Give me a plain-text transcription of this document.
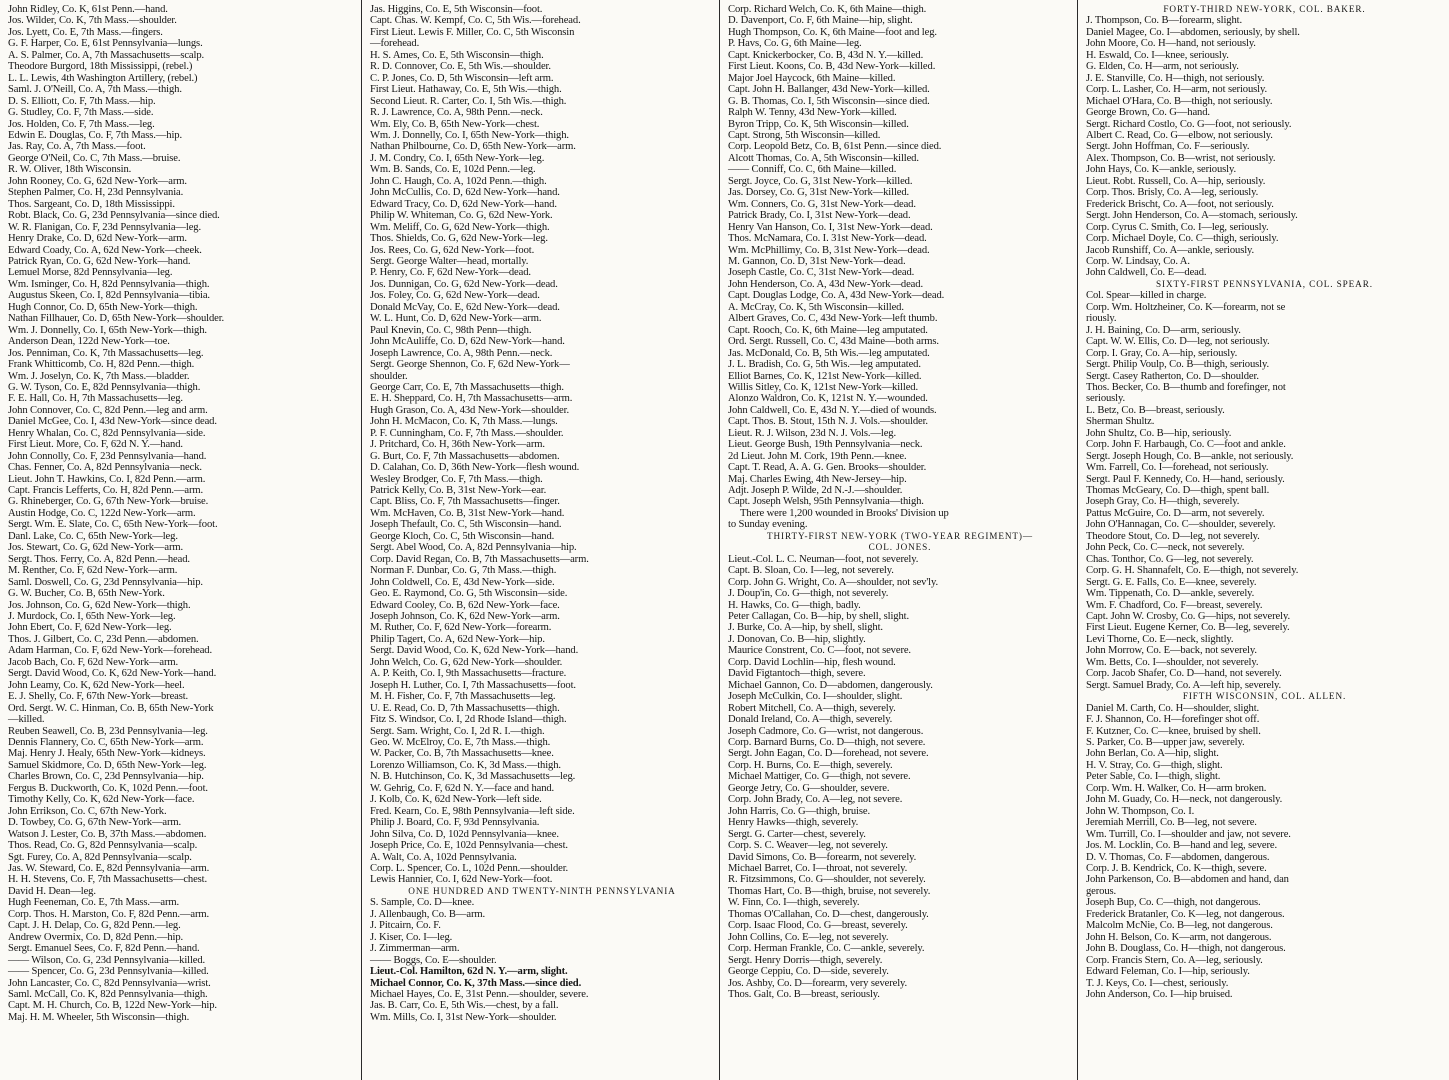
John Ridley, Co. K, 61st Penn.—hand.
Jos. Wilder, Co. K, 7th Mass.—shoulder.
Jos. Lyett, Co. E, 7th Mass.—fingers.
G. F. Harper, Co. E, 61st Pennsylvania—lungs.
A. S. Palmer, Co. A, 7th Massachusetts—scalp.
Theodore Burgord, 18th Mississippi, (rebel.)
L. L. Lewis, 4th Washington Artillery, (rebel.)
Saml. J. O'Neill, Co. A, 7th Mass.—thigh.
D. S. Elliott, Co. F, 7th Mass.—hip.
G. Studley, Co. F, 7th Mass.—side.
Jos. Holden, Co. F, 7th Mass.—leg.
Edwin E. Douglas, Co. F, 7th Mass.—hip.
Jas. Ray, Co. A, 7th Mass.—foot.
George O'Neil, Co. C, 7th Mass.—bruise.
R. W. Oliver, 18th Wisconsin.
John Rooney, Co. G, 62d New-York—arm.
Stephen Palmer, Co. H, 23d Pennsylvania.
Thos. Sargeant, Co. D, 18th Mississippi.
Robt. Black, Co. G, 23d Pennsylvania—since died.
W. R. Flanigan, Co. F, 23d Pennsylvania—leg.
Henry Drake, Co. D, 62d New-York—arm.
Edward Coady, Co. A, 62d New-York—cheek.
Patrick Ryan, Co. G, 62d New-York—hand.
Lemuel Morse, 82d Pennsylvania—leg.
Wm. Isminger, Co. H, 82d Pennsylvania—thigh.
Augustus Skeen, Co. I, 82d Pennsylvania—tibia.
Hugh Connor, Co. D, 65th New-York—thigh.
Nathan Fillhauer, Co. D, 65th New-York—shoulder.
Wm. J. Donnelly, Co. I, 65th New-York—thigh.
Anderson Dean, 122d New-York—toe.
Jos. Penniman, Co. K, 7th Massachusetts—leg.
Frank Whitticomb, Co. H, 82d Penn.—thigh.
Wm. J. Joselyn, Co. K, 7th Mass.—bladder.
G. W. Tyson, Co. E, 82d Pennsylvania—thigh.
F. E. Hall, Co. H, 7th Massachusetts—leg.
John Connover, Co. C, 82d Penn.—leg and arm.
Daniel McGee, Co. I, 43d New-York—since dead.
Henry Whalan, Co. C, 82d Pennsylvania—side.
First Lieut. More, Co. F, 62d N. Y.—hand.
John Connolly, Co. F, 23d Pennsylvania—hand.
Chas. Fenner, Co. A, 82d Pennsylvania—neck.
Lieut. John T. Hawkins, Co. I, 82d Penn.—arm.
Capt. Francis Lefferts, Co. H, 82d Penn.—arm.
G. Rhineberger, Co. G, 67th New-York—bruise.
Austin Hodge, Co. C, 122d New-York—arm.
Sergt. Wm. E. Slate, Co. C, 65th New-York—foot.
Danl. Lake, Co. C, 65th New-York—leg.
Jos. Stewart, Co. G, 62d New-York—arm.
Sergt. Thos. Ferry, Co. A, 82d Penn.—head.
M. Renther, Co. F, 62d New-York—arm.
Saml. Doswell, Co. G, 23d Pennsylvania—hip.
G. W. Bucher, Co. B, 65th New-York.
Jos. Johnson, Co. G, 62d New-York—thigh.
J. Murdock, Co. I, 65th New-York—leg.
John Ebert, Co. F, 62d New-York—leg.
Thos. J. Gilbert, Co. C, 23d Penn.—abdomen.
Adam Harman, Co. F, 62d New-York—forehead.
Jacob Bach, Co. F, 62d New-York—arm.
Sergt. David Wood, Co. K, 62d New-York—hand.
John Leamy, Co. K, 62d New-York—heel.
E. J. Shelly, Co. F, 67th New-York—breast.
Ord. Sergt. W. C. Hinman, Co. B, 65th New-York
—killed.
Reuben Seawell, Co. B, 23d Pennsylvania—leg.
Dennis Flannery, Co. C, 65th New-York—arm.
Maj. Henry J. Healy, 65th New-York—kidneys.
Samuel Skidmore, Co. D, 65th New-York—leg.
Charles Brown, Co. C, 23d Pennsylvania—hip.
Fergus B. Duckworth, Co. K, 102d Penn.—foot.
Timothy Kelly, Co. K, 62d New-York—face.
John Errikson, Co. C, 67th New-York.
D. Towbey, Co. G, 67th New-York—arm.
Watson J. Lester, Co. B, 37th Mass.—abdomen.
Thos. Read, Co. G, 82d Pennsylvania—scalp.
Sgt. Furey, Co. A, 82d Pennsylvania—scalp.
Jas. W. Steward, Co. E, 82d Pennsylvania—arm.
H. H. Stevens, Co. F, 7th Massachusetts—chest.
David H. Dean—leg.
Hugh Feeneman, Co. E, 7th Mass.—arm.
Corp. Thos. H. Marston, Co. F, 82d Penn.—arm.
Capt. J. H. Delap, Co. G, 82d Penn.—leg.
Andrew Overmix, Co. D, 82d Penn.—hip.
Sergt. Emanuel Sees, Co. F, 82d Penn.—hand.
—— Wilson, Co. G, 23d Pennsylvania—killed.
—— Spencer, Co. G, 23d Pennsylvania—killed.
John Lancaster, Co. C, 82d Pennsylvania—wrist.
Saml. McCall, Co. K, 82d Pennsylvania—thigh.
Capt. M. H. Church, Co. B, 122d New-York—hip.
Maj. H. M. Wheeler, 5th Wisconsin—thigh.
Jas. Higgins, Co. E, 5th Wisconsin—foot.
Capt. Chas. W. Kempf, Co. C, 5th Wis.—forehead.
First Lieut. Lewis F. Miller, Co. C, 5th Wisconsin
—forehead.
H. S. Ames, Co. E, 5th Wisconsin—thigh.
R. D. Connover, Co. E, 5th Wis.—shoulder.
C. P. Jones, Co. D, 5th Wisconsin—left arm.
First Lieut. Hathaway, Co. E, 5th Wis.—thigh.
Second Lieut. R. Carter, Co. I, 5th Wis.—thigh.
R. J. Lawrence, Co. A, 98th Penn.—neck.
Wm. Ely, Co. B, 65th New-York—chest.
Wm. J. Donnelly, Co. I, 65th New-York—thigh.
Nathan Philbourne, Co. D, 65th New-York—arm.
J. M. Condry, Co. I, 65th New-York—leg.
Wm. B. Sands, Co. E, 102d Penn.—leg.
John C. Haugh, Co. A, 102d Penn.—thigh.
John McCullis, Co. D, 62d New-York—hand.
Edward Tracy, Co. D, 62d New-York—hand.
Philip W. Whiteman, Co. G, 62d New-York.
Wm. Meliff, Co. G, 62d New-York—thigh.
Thos. Shields, Co. G, 62d New-York—leg.
Jos. Rees, Co. G, 62d New-York—foot.
Sergt. George Walter—head, mortally.
P. Henry, Co. F, 62d New-York—dead.
Jos. Dunnigan, Co. G, 62d New-York—dead.
Jos. Foley, Co. G, 62d New-York—dead.
Donald McVay, Co. E, 62d New-York—dead.
W. L. Hunt, Co. D, 62d New-York—arm.
Paul Knevin, Co. C, 98th Penn—thigh.
John McAuliffe, Co. D, 62d New-York—hand.
Joseph Lawrence, Co. A, 98th Penn.—neck.
Sergt. George Shennon, Co. F, 62d New-York—
shoulder.
George Carr, Co. E, 7th Massachusetts—thigh.
E. H. Sheppard, Co. H, 7th Massachusetts—arm.
Hugh Grason, Co. A, 43d New-York—shoulder.
John H. McMacon, Co. K, 7th Mass.—lungs.
P. F. Cunningham, Co. F, 7th Mass.—shoulder.
J. Pritchard, Co. H, 36th New-York—arm.
G. Burt, Co. F, 7th Massachusetts—abdomen.
D. Calahan, Co. D, 36th New-York—flesh wound.
Wesley Brodger, Co. F, 7th Mass.—thigh.
Patrick Kelly, Co. B, 31st New-York—ear.
Capt. Bliss, Co. F, 7th Massachusetts—finger.
Wm. McHaven, Co. B, 31st New-York—hand.
Joseph Thefault, Co. C, 5th Wisconsin—hand.
George Kloch, Co. C, 5th Wisconsin—hand.
Sergt. Abel Wood, Co. A, 82d Pennsylvania—hip.
Corp. David Regan, Co. B, 7th Massachusetts—arm.
Norman F. Dunbar, Co. G, 7th Mass.—thigh.
John Coldwell, Co. E, 43d New-York—side.
Geo. E. Raymond, Co. G, 5th Wisconsin—side.
Edward Cooley, Co. B, 62d New-York—face.
Joseph Johnson, Co. K, 62d New-York—arm.
M. Ruther, Co. F, 62d New-York—forearm.
Philip Tagert, Co. A, 62d New-York—hip.
Sergt. David Wood, Co. K, 62d New-York—hand.
John Welch, Co. G, 62d New-York—shoulder.
A. P. Keith, Co. I, 9th Massachusetts—fracture.
Joseph H. Luther, Co. I, 7th Massachusetts—foot.
M. H. Fisher, Co. F, 7th Massachusetts—leg.
U. E. Read, Co. D, 7th Massachusetts—thigh.
Fitz S. Windsor, Co. I, 2d Rhode Island—thigh.
Sergt. Sam. Wright, Co. I, 2d R. I.—thigh.
Geo. W. McElroy, Co. E, 7th Mass.—thigh.
W. Packer, Co. B, 7th Massachusetts—knee.
Lorenzo Williamson, Co. K, 3d Mass.—thigh.
N. B. Hutchinson, Co. K, 3d Massachusetts—leg.
W. Gehrig, Co. F, 62d N. Y.—face and hand.
J. Kolb, Co. K, 62d New-York—left side.
Fred. Kearn, Co. E, 98th Pennsylvania—left side.
Philip J. Board, Co. F, 93d Pennsylvania.
John Silva, Co. D, 102d Pennsylvania—knee.
Joseph Price, Co. E, 102d Pennsylvania—chest.
A. Walt, Co. A, 102d Pennsylvania.
Corp. L. Spencer, Co. L, 102d Penn.—shoulder.
Lewis Hannier, Co. I, 62d New-York—foot.
ONE HUNDRED AND TWENTY-NINTH PENNSYLVANIA
S. Sample, Co. D—knee.
J. Allenbaugh, Co. B—arm.
J. Pitcairn, Co. F.
J. Kiser, Co. I—leg.
J. Zimmerman—arm.
—— Boggs, Co. E—shoulder.
Lieut.-Col. Hamilton, 62d N. Y.—arm, slight.
Michael Connor, Co. K, 37th Mass.—since died.
Michael Hayes, Co. E, 31st Penn.—shoulder, severe.
Jas. B. Carr, Co. E, 5th Wis.—chest, by a fall.
Wm. Mills, Co. I, 31st New-York—shoulder.
Corp. Richard Welch, Co. K, 6th Maine—thigh.
D. Davenport, Co. F, 6th Maine—hip, slight.
Hugh Thompson, Co. K, 6th Maine—foot and leg.
P. Havs, Co. G, 6th Maine—leg.
Capt. Knickerbocker, Co. B, 43d N. Y.—killed.
First Lieut. Koons, Co. B, 43d New-York—killed.
Major Joel Haycock, 6th Maine—killed.
Capt. John H. Ballanger, 43d New-York—killed.
G. B. Thomas, Co. I, 5th Wisconsin—since died.
Ralph W. Tenny, 43d New-York—killed.
Byron Tripp, Co. K, 5th Wisconsin—killed.
Capt. Strong, 5th Wisconsin—killed.
Corp. Leopold Betz, Co. B, 61st Penn.—since died.
Alcott Thomas, Co. A, 5th Wisconsin—killed.
—— Conniff, Co. C, 6th Maine—killed.
Sergt. Joyce, Co. G, 31st New-York—killed.
Jas. Dorsey, Co. G, 31st New-York—killed.
Wm. Conners, Co. G, 31st New-York—dead.
Patrick Brady, Co. I, 31st New-York—dead.
Henry Van Hanson, Co. I, 31st New-York—dead.
Thos. McNamara, Co. I. 31st New-York—dead.
Wm. McPhillimy, Co. B, 31st New-York—dead.
M. Gannon, Co. D, 31st New-York—dead.
Joseph Castle, Co. C, 31st New-York—dead.
John Henderson, Co. A, 43d New-York—dead.
Capt. Douglas Lodge, Co. A, 43d New-York—dead.
A. McCray, Co. K, 5th Wisconsin—killed.
Albert Graves, Co. C, 43d New-York—left thumb.
Capt. Rooch, Co. K, 6th Maine—leg amputated.
Ord. Sergt. Russell, Co. C, 43d Maine—both arms.
Jas. McDonald, Co. B, 5th Wis.—leg amputated.
J. L. Bradish, Co. G, 5th Wis.—leg amputated.
Elliot Barnes, Co. K, 121st New-York—killed.
Willis Sitley, Co. K, 121st New-York—killed.
Alonzo Waldron, Co. K, 121st N. Y.—wounded.
John Caldwell, Co. E, 43d N. Y.—died of wounds.
Capt. Thos. B. Stout, 15th N. J. Vols.—shoulder.
Lieut. R. J. Wilson, 23d N. J. Vols.—leg.
Lieut. George Bush, 19th Pennsylvania—neck.
2d Lieut. John M. Cork, 19th Penn.—knee.
Capt. T. Read, A. A. G. Gen. Brooks—shoulder.
Maj. Charles Ewing, 4th New-Jersey—hip.
Adjt. Joseph P. Wilde, 2d N.-J.—shoulder.
Capt. Joseph Welsh, 95th Pennsylvania—thigh.
There were 1,200 wounded in Brooks' Division up
to Sunday evening.
THIRTY-FIRST NEW-YORK (TWO-YEAR REGIMENT)—
COL. JONES.
Lieut.-Col. L. C. Neuman—foot, not severely.
Capt. B. Sloan, Co. I—leg, not severely.
Corp. John G. Wright, Co. A—shoulder, not sev'ly.
J. Doup'in, Co. G—thigh, not severely.
H. Hawks, Co. G—thigh, badly.
Peter Callagan, Co. B—hip, by shell, slight.
J. Burke, Co. A—hip, by shell, slight.
J. Donovan, Co. B—hip, slightly.
Maurice Constrent, Co. C—foot, not severe.
Corp. David Lochlin—hip, flesh wound.
David Figtantoch—thigh, severe.
Michael Gannon, Co. D—abdomen, dangerously.
Joseph McCulkin, Co. I—shoulder, slight.
Robert Mitchell, Co. A—thigh, severely.
Donald Ireland, Co. A—thigh, severely.
Joseph Cadmore, Co. G—wrist, not dangerous.
Corp. Barnard Burns, Co. D—thigh, not severe.
Sergt. John Eagan, Co. D—forehead, not severe.
Corp. H. Burns, Co. E—thigh, severely.
Michael Mattiger, Co. G—thigh, not severe.
George Jetry, Co. G—shoulder, severe.
Corp. John Brady, Co. A—leg, not severe.
John Harris, Co. G—thigh, bruise.
Henry Hawks—thigh, severely.
Sergt. G. Carter—chest, severely.
Corp. S. C. Weaver—leg, not severely.
David Simons, Co. B—forearm, not severely.
Michael Barret, Co. I—throat, not severely.
R. Fitzsimmons, Co. G—shoulder, not severely.
Thomas Hart, Co. B—thigh, bruise, not severely.
W. Finn, Co. I—thigh, severely.
Thomas O'Callahan, Co. D—chest, dangerously.
Corp. Isaac Flood, Co. G—breast, severely.
John Collins, Co. E—leg, not severely.
Corp. Herman Frankle, Co. C—ankle, severely.
Sergt. Henry Dorris—thigh, severely.
George Ceppiu, Co. D—side, severely.
Jos. Ashby, Co. D—forearm, very severely.
Thos. Galt, Co. B—breast, seriously.
FORTY-THIRD NEW-YORK, COL. BAKER.
J. Thompson, Co. B—forearm, slight.
Daniel Magee, Co. I—abdomen, seriously, by shell.
John Moore, Co. H—hand, not seriously.
H. Eswald, Co. I—knee, seriously.
G. Elden, Co. H—arm, not seriously.
J. E. Stanville, Co. H—thigh, not seriously.
Corp. L. Lasher, Co. H—arm, not seriously.
Michael O'Hara, Co. B—thigh, not seriously.
George Brown, Co. G—hand.
Sergt. Richard Costlo, Co. G—foot, not seriously.
Albert C. Read, Co. G—elbow, not seriously.
Sergt. John Hoffman, Co. F—seriously.
Alex. Thompson, Co. B—wrist, not seriously.
John Hays, Co. K—ankle, seriously.
Lieut. Robt. Russell, Co. A—hip, seriously.
Corp. Thos. Brisly, Co. A—leg, seriously.
Frederick Brischt, Co. A—foot, not seriously.
Sergt. John Henderson, Co. A—stomach, seriously.
Corp. Cyrus C. Smith, Co. I—leg, seriously.
Corp. Michael Doyle, Co. C—thigh, seriously.
Jacob Runshiff, Co. A—ankle, seriously.
Corp. W. Lindsay, Co. A.
John Caldwell, Co. E—dead.
SIXTY-FIRST PENNSYLVANIA, COL. SPEAR.
Col. Spear—killed in charge.
Corp. Wm. Holtzheiner, Co. K—forearm, not se
riously.
J. H. Baining, Co. D—arm, seriously.
Capt. W. W. Ellis, Co. D—leg, not seriously.
Corp. I. Gray, Co. A—hip, seriously.
Sergt. Philip Voulp, Co. B—thigh, seriously.
Sergt. Casey Ratherton, Co. D—shoulder.
Thos. Becker, Co. B—thumb and forefinger, not
seriously.
L. Betz, Co. B—breast, seriously.
Sherman Shultz.
John Shultz, Co. B—hip, seriously.
Corp. John F. Harbaugh, Co. C—foot and ankle.
Sergt. Joseph Hough, Co. B—ankle, not seriously.
Wm. Farrell, Co. I—forehead, not seriously.
Sergt. Paul F. Kennedy, Co. H—hand, seriously.
Thomas McGeary, Co. D—thigh, spent ball.
Joseph Gray, Co. H—thigh, severely.
Pattus McGuire, Co. D—arm, not severely.
John O'Hannagan, Co. C—shoulder, severely.
Theodore Stout, Co. D—leg, not severely.
John Peck, Co. C—neck, not severely.
Chas. Tonthor, Co. G—leg, not severely.
Corp. G. H. Shannafelt, Co. E—thigh, not severely.
Sergt. G. E. Falls, Co. E—knee, severely.
Wm. Tippenath, Co. D—ankle, severely.
Wm. F. Chadford, Co. F—breast, severely.
Capt. John W. Crosby, Co. G—hips, not severely.
First Lieut. Eugene Kerner, Co. B—leg, severely.
Levi Thorne, Co. E—neck, slightly.
John Morrow, Co. E—back, not severely.
Wm. Betts, Co. I—shoulder, not severely.
Corp. Jacob Shafer, Co. D—hand, not severely.
Sergt. Samuel Brady, Co. A—left hip, severely.
FIFTH WISCONSIN, COL. ALLEN.
Daniel M. Carth, Co. H—shoulder, slight.
F. J. Shannon, Co. H—forefinger shot off.
F. Kutzner, Co. C—knee, bruised by shell.
S. Parker, Co. B—upper jaw, severely.
John Berlan, Co. A—hip, slight.
H. V. Stray, Co. G—thigh, slight.
Peter Sable, Co. I—thigh, slight.
Corp. Wm. H. Walker, Co. H—arm broken.
John M. Guady, Co. H—neck, not dangerously.
John W. Thompson, Co. I.
Jeremiah Merrill, Co. B—leg, not severe.
Wm. Turrill, Co. I—shoulder and jaw, not severe.
Jos. M. Locklin, Co. B—hand and leg, severe.
D. V. Thomas, Co. F—abdomen, dangerous.
Corp. J. B. Kendrick, Co. K—thigh, severe.
John Parkenson, Co. B—abdomen and hand, dan
gerous.
Joseph Bup, Co. C—thigh, not dangerous.
Frederick Bratanler, Co. K—leg, not dangerous.
Malcolm McNie, Co. B—leg, not dangerous.
John H. Belson, Co. K—arm, not dangerous.
John B. Douglass, Co. H—thigh, not dangerous.
Corp. Francis Stern, Co. A—leg, seriously.
Edward Feleman, Co. I—hip, seriously.
T. J. Keys, Co. I—chest, seriously.
John Anderson, Co. I—hip bruised.
